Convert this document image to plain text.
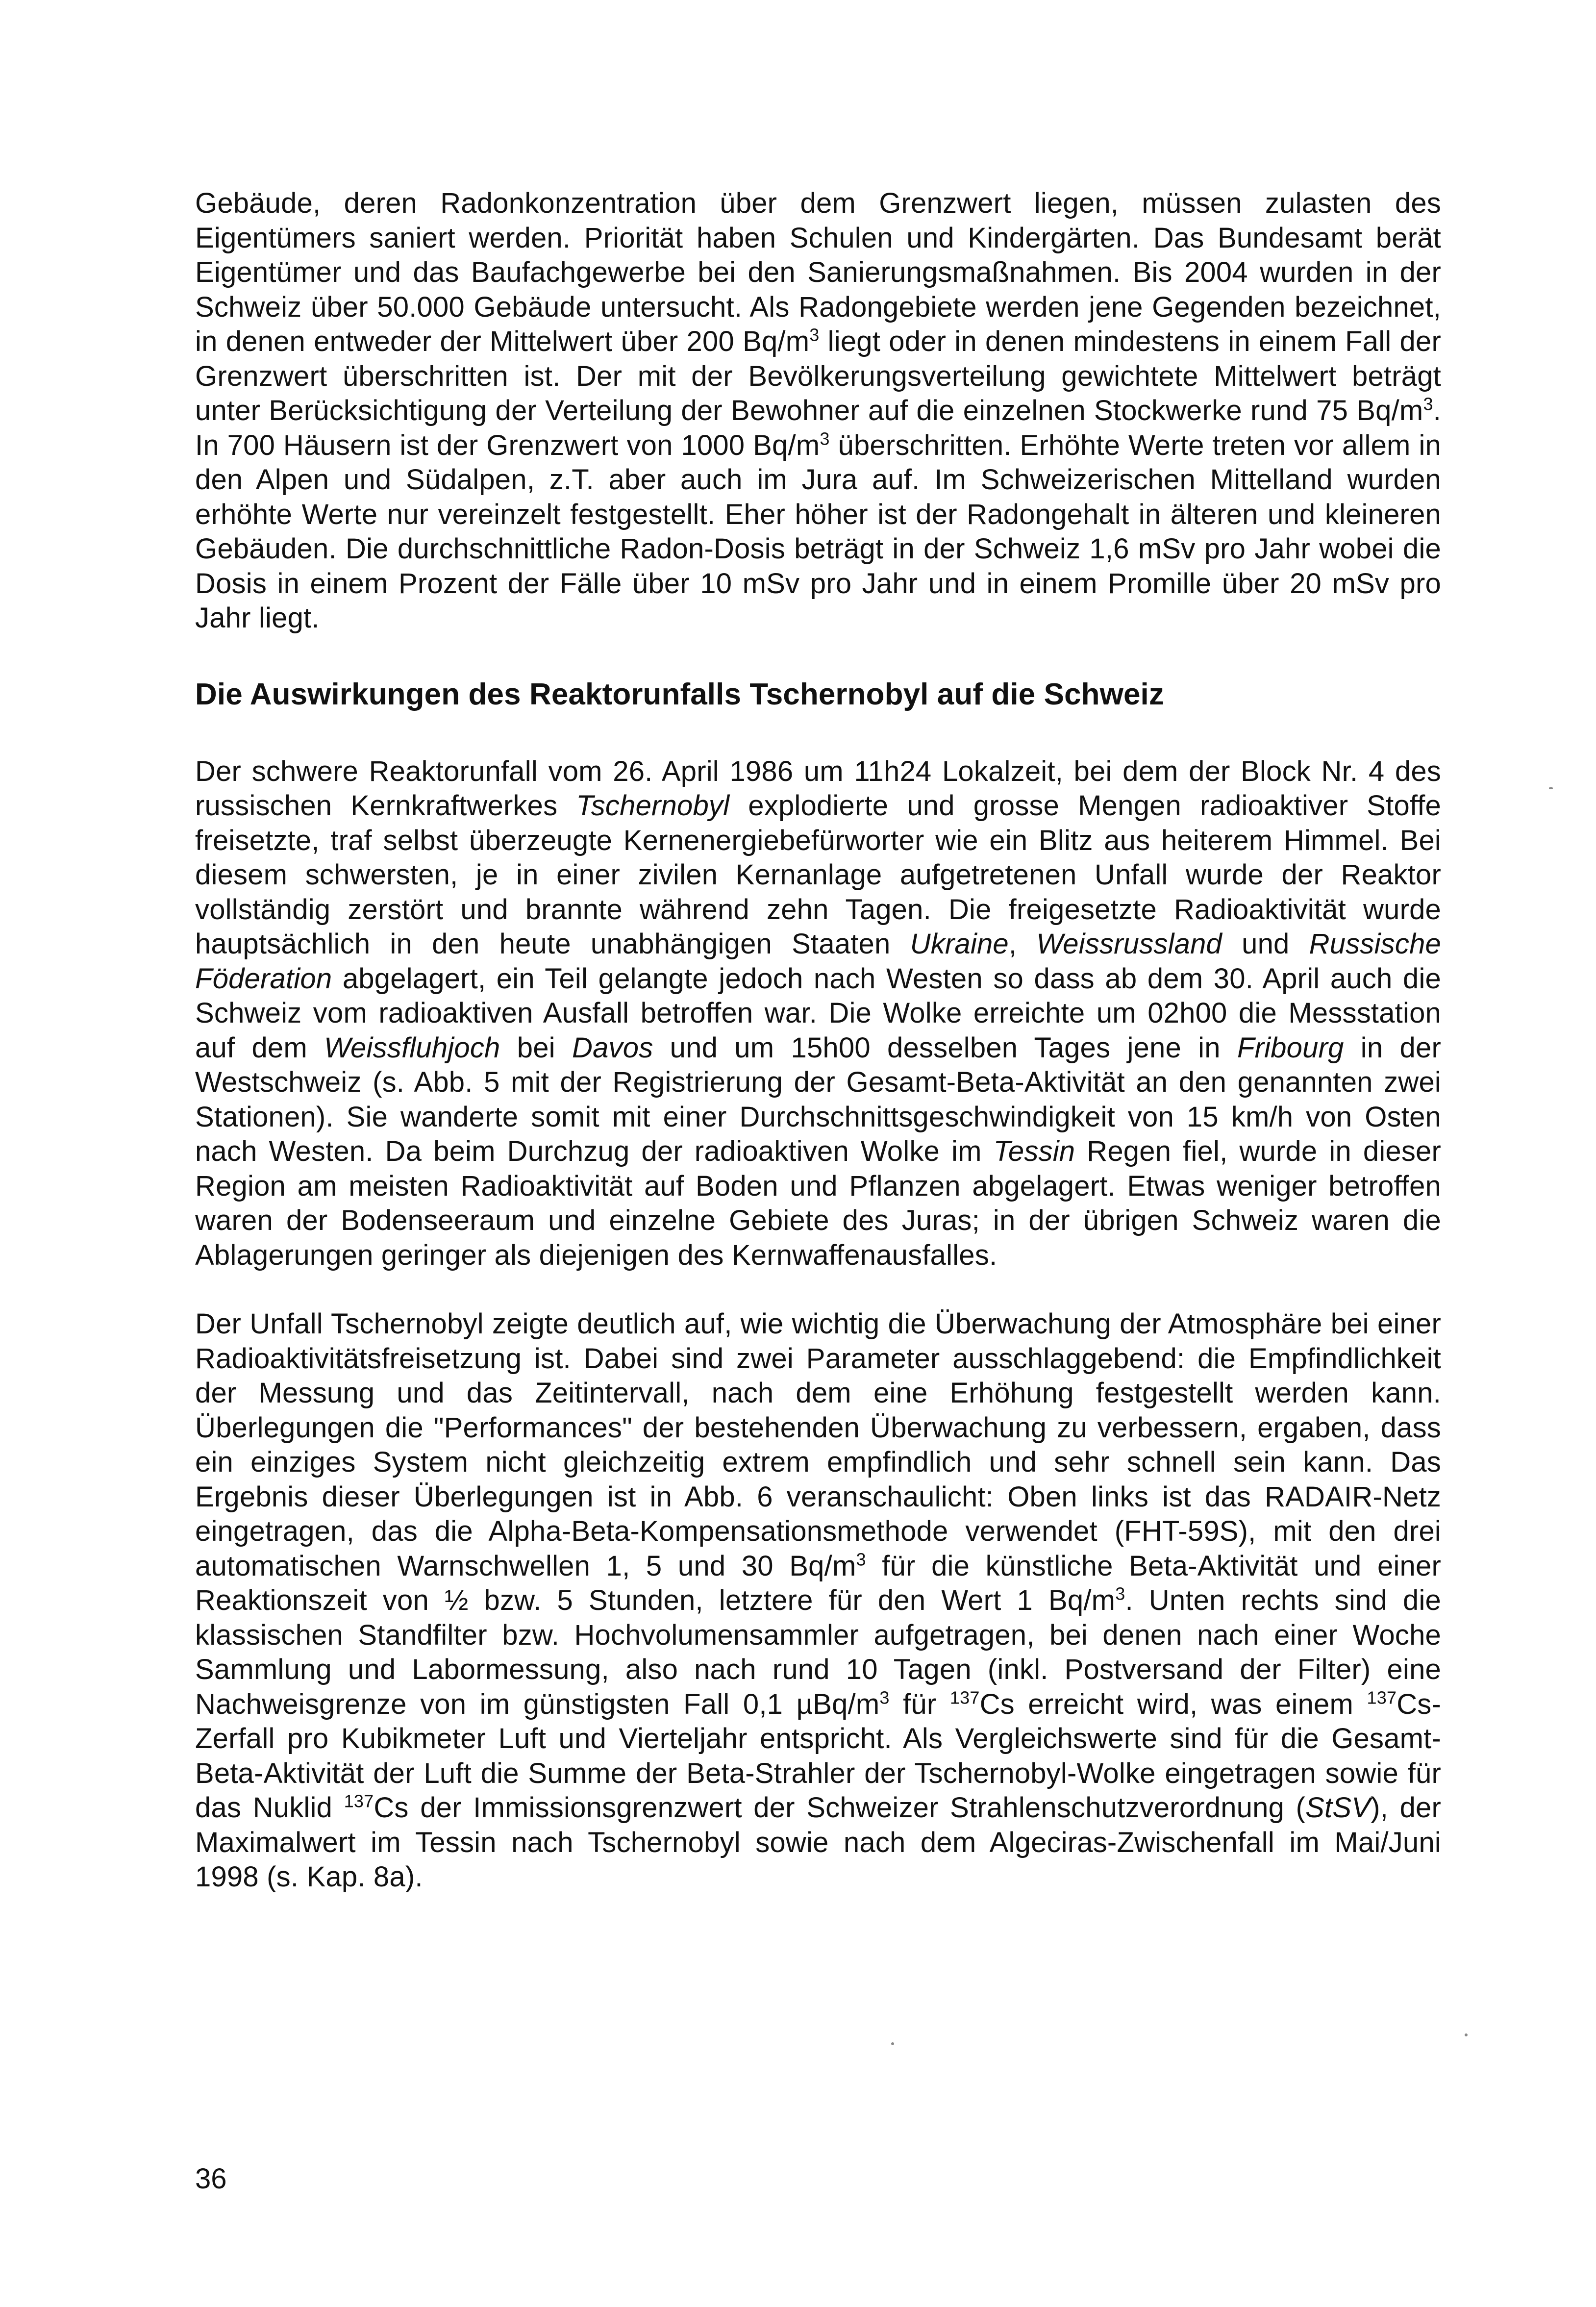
Gebäude, deren Radonkonzentration über dem Grenzwert liegen, müssen zulasten des Eigentümers saniert werden. Priorität haben Schulen und Kindergärten. Das Bundesamt berät Eigentümer und das Baufachgewerbe bei den Sanierungsmaßnahmen. Bis 2004 wurden in der Schweiz über 50.000 Gebäude untersucht. Als Radongebiete werden jene Gegenden bezeichnet, in denen entweder der Mittelwert über 200 $Bq/m^3$ liegt oder in denen mindestens in einem Fall der Grenzwert überschritten ist. Der mit der Bevölkerungsverteilung gewichtete Mittelwert beträgt unter Berücksichtigung der Verteilung der Bewohner auf die einzelnen Stockwerke rund 75 $Bq/m^3$. In 700 Häusern ist der Grenzwert von 1000 $Bq/m^3$ überschritten. Erhöhte Werte treten vor allem in den Alpen und Südalpen, z.T. aber auch im Jura auf. Im Schweizerischen Mittelland wurden erhöhte Werte nur vereinzelt festgestellt. Eher höher ist der Radongehalt in älteren und kleineren Gebäuden. Die durchschnittliche Radon-Dosis beträgt in der Schweiz 1,6 mSv pro Jahr wobei die Dosis in einem Prozent der Fälle über 10 mSv pro Jahr und in einem Promille über 20 mSv pro Jahr liegt.

Die Auswirkungen des Reaktorunfalls Tschernobyl auf die Schweiz

Der schwere Reaktorunfall vom 26. April 1986 um 11h24 Lokalzeit, bei dem der Block Nr. 4 des russischen Kernkraftwerkes Tschernobyl explodierte und grosse Mengen radioaktiver Stoffe freisetzte, traf selbst überzeugte Kernenergiebefürworter wie ein Blitz aus heiterem Himmel. Bei diesem schwersten, je in einer zivilen Kernanlage aufgetretenen Unfall wurde der Reaktor vollständig zerstört und brannte während zehn Tagen. Die freigesetzte Radioaktivität wurde hauptsächlich in den heute unabhängigen Staaten Ukraine, Weissrussland und Russische Föderation abgelagert, ein Teil gelangte jedoch nach Westen so dass ab dem 30. April auch die Schweiz vom radioaktiven Ausfall betroffen war. Die Wolke erreichte um 02h00 die Messstation auf dem Weissfluhjoch bei Davos und um 15h00 desselben Tages jene in Fribourg in der Westschweiz (s. Abb. 5 mit der Registrierung der Gesamt-Beta-Aktivität an den genannten zwei Stationen). Sie wanderte somit mit einer Durchschnittsgeschwindigkeit von 15 km/h von Osten nach Westen. Da beim Durchzug der radioaktiven Wolke im Tessin Regen fiel, wurde in dieser Region am meisten Radioaktivität auf Boden und Pflanzen abgelagert. Etwas weniger betroffen waren der Bodenseeraum und einzelne Gebiete des Juras; in der übrigen Schweiz waren die Ablagerungen geringer als diejenigen des Kernwaffenausfalles.

Der Unfall Tschernobyl zeigte deutlich auf, wie wichtig die Überwachung der Atmosphäre bei einer Radioaktivitätsfreisetzung ist. Dabei sind zwei Parameter ausschlaggebend: die Empfindlichkeit der Messung und das Zeitintervall, nach dem eine Erhöhung festgestellt werden kann. Überlegungen die "Performances" der bestehenden Überwachung zu verbessern, ergaben, dass ein einziges System nicht gleichzeitig extrem empfindlich und sehr schnell sein kann. Das Ergebnis dieser Überlegungen ist in Abb. 6 veranschaulicht: Oben links ist das RADAIR-Netz eingetragen, das die Alpha-Beta-Kompensationsmethode verwendet (FHT-59S), mit den drei automatischen Warnschwellen 1, 5 und 30 $Bq/m^3$ für die künstliche Beta-Aktivität und einer Reaktionszeit von ½ bzw. 5 Stunden, letztere für den Wert 1 $Bq/m^3$. Unten rechts sind die klassischen Standfilter bzw. Hochvolumensammler aufgetragen, bei denen nach einer Woche Sammlung und Labormessung, also nach rund 10 Tagen (inkl. Postversand der Filter) eine Nachweisgrenze von im günstigsten Fall 0,1 µBq/$m^3$ für $^{137}$Cs erreicht wird, was einem $^{137}$Cs-Zerfall pro Kubikmeter Luft und Vierteljahr entspricht. Als Vergleichswerte sind für die Gesamt-Beta-Aktivität der Luft die Summe der Beta-Strahler der Tschernobyl-Wolke eingetragen sowie für das Nuklid $^{137}$Cs der Immissionsgrenzwert der Schweizer Strahlenschutzverordnung (StSV), der Maximalwert im Tessin nach Tschernobyl sowie nach dem Algeciras-Zwischenfall im Mai/Juni 1998 (s. Kap. 8a).

36
